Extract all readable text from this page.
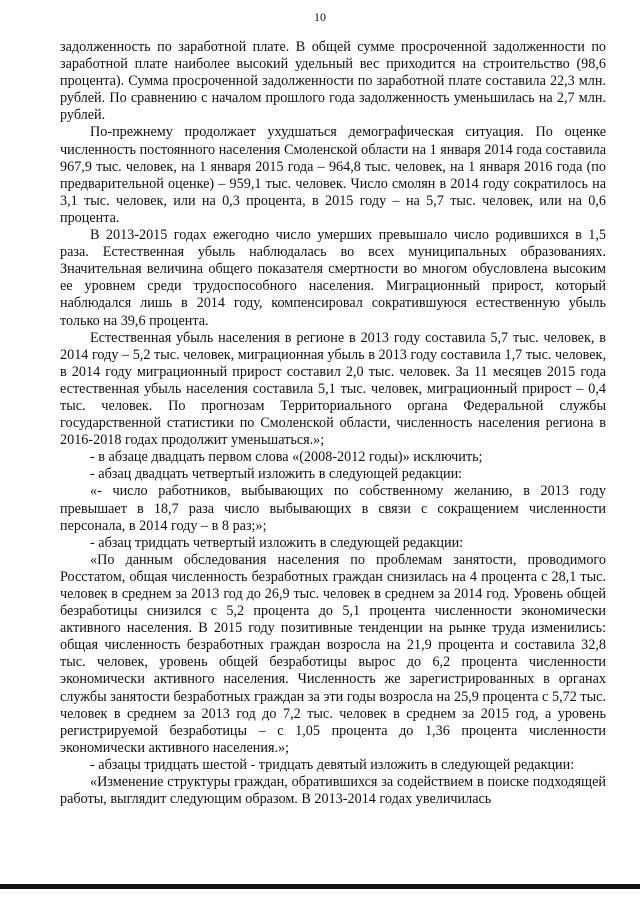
10

задолженность по заработной плате. В общей сумме просроченной задолженности по заработной плате наиболее высокий удельный вес приходится на строительство (98,6 процента). Сумма просроченной задолженности по заработной плате составила 22,3 млн. рублей. По сравнению с началом прошлого года задолженность уменьшилась на 2,7 млн. рублей.

По-прежнему продолжает ухудшаться демографическая ситуация. По оценке численность постоянного населения Смоленской области на 1 января 2014 года составила 967,9 тыс. человек, на 1 января 2015 года – 964,8 тыс. человек, на 1 января 2016 года (по предварительной оценке) – 959,1 тыс. человек. Число смолян в 2014 году сократилось на 3,1 тыс. человек, или на 0,3 процента, в 2015 году – на 5,7 тыс. человек, или на 0,6 процента.

В 2013-2015 годах ежегодно число умерших превышало число родившихся в 1,5 раза. Естественная убыль наблюдалась во всех муниципальных образованиях. Значительная величина общего показателя смертности во многом обусловлена высоким ее уровнем среди трудоспособного населения. Миграционный прирост, который наблюдался лишь в 2014 году, компенсировал сократившуюся естественную убыль только на 39,6 процента.

Естественная убыль населения в регионе в 2013 году составила 5,7 тыс. человек, в 2014 году – 5,2 тыс. человек, миграционная убыль в 2013 году составила 1,7 тыс. человек, в 2014 году миграционный прирост составил 2,0 тыс. человек. За 11 месяцев 2015 года естественная убыль населения составила 5,1 тыс. человек, миграционный прирост – 0,4 тыс. человек. По прогнозам Территориального органа Федеральной службы государственной статистики по Смоленской области, численность населения региона в 2016-2018 годах продолжит уменьшаться.»;

- в абзаце двадцать первом слова «(2008-2012 годы)» исключить;

- абзац двадцать четвертый изложить в следующей редакции:

«- число работников, выбывающих по собственному желанию, в 2013 году превышает в 18,7 раза число выбывающих в связи с сокращением численности персонала, в 2014 году – в 8 раз;»;

- абзац тридцать четвертый изложить в следующей редакции:

«По данным обследования населения по проблемам занятости, проводимого Росстатом, общая численность безработных граждан снизилась на 4 процента с 28,1 тыс. человек в среднем за 2013 год до 26,9 тыс. человек в среднем за 2014 год. Уровень общей безработицы снизился с 5,2 процента до 5,1 процента численности экономически активного населения. В 2015 году позитивные тенденции на рынке труда изменились: общая численность безработных граждан возросла на 21,9 процента и составила 32,8 тыс. человек, уровень общей безработицы вырос до 6,2 процента численности экономически активного населения. Численность же зарегистрированных в органах службы занятости безработных граждан за эти годы возросла на 25,9 процента с 5,72 тыс. человек в среднем за 2013 год до 7,2 тыс. человек в среднем за 2015 год, а уровень регистрируемой безработицы – с 1,05 процента до 1,36 процента численности экономически активного населения.»;

- абзацы тридцать шестой - тридцать девятый изложить в следующей редакции:

«Изменение структуры граждан, обратившихся за содействием в поиске подходящей работы, выглядит следующим образом. В 2013-2014 годах увеличилась
